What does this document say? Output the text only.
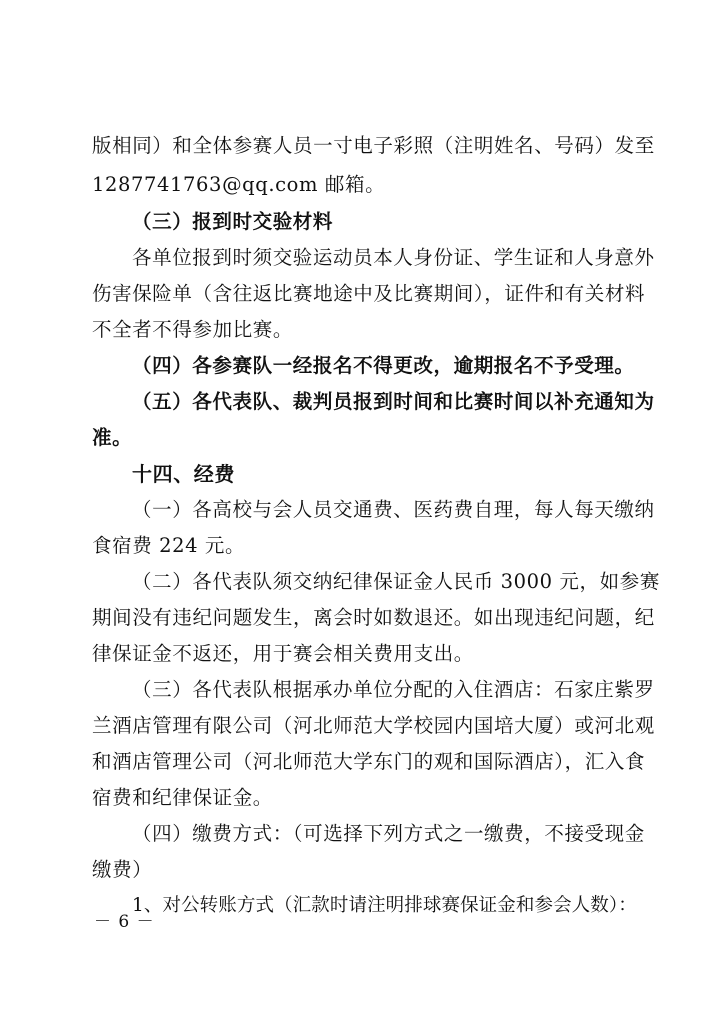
版相同）和全体参赛人员一寸电子彩照（注明姓名、号码）发至
1287741763@qq.com 邮箱。
（三）报到时交验材料
各单位报到时须交验运动员本人身份证、学生证和人身意外
伤害保险单（含往返比赛地途中及比赛期间），证件和有关材料
不全者不得参加比赛。
（四）各参赛队一经报名不得更改，逾期报名不予受理。
（五）各代表队、裁判员报到时间和比赛时间以补充通知为
准。
十四、经费
（一）各高校与会人员交通费、医药费自理，每人每天缴纳
食宿费 224 元。
（二）各代表队须交纳纪律保证金人民币 3000 元，如参赛
期间没有违纪问题发生，离会时如数退还。如出现违纪问题，纪
律保证金不返还，用于赛会相关费用支出。
（三）各代表队根据承办单位分配的入住酒店：石家庄紫罗
兰酒店管理有限公司（河北师范大学校园内国培大厦）或河北观
和酒店管理公司（河北师范大学东门的观和国际酒店），汇入食
宿费和纪律保证金。
（四）缴费方式：（可选择下列方式之一缴费，不接受现金
缴费）
1、对公转账方式（汇款时请注明排球赛保证金和参会人数）：
－ 6 －
